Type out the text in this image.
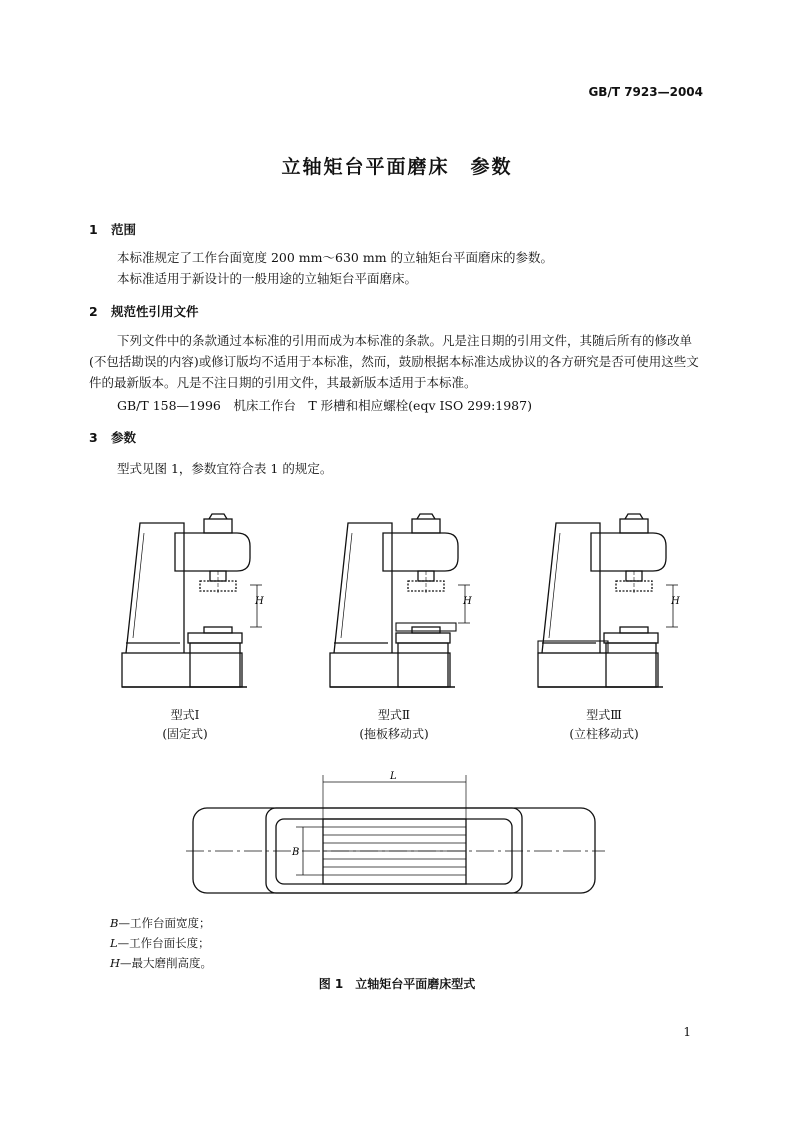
GB/T 7923—2004
立轴矩台平面磨床　参数
1 范围
本标准规定了工作台面宽度 200 mm～630 mm 的立轴矩台平面磨床的参数。
本标准适用于新设计的一般用途的立轴矩台平面磨床。
2 规范性引用文件
下列文件中的条款通过本标准的引用而成为本标准的条款。凡是注日期的引用文件，其随后所有的修改单(不包括勘误的内容)或修订版均不适用于本标准，然而，鼓励根据本标准达成协议的各方研究是否可使用这些文件的最新版本。凡是不注日期的引用文件，其最新版本适用于本标准。
GB/T 158—1996　机床工作台　T 形槽和相应螺栓(eqv ISO 299:1987)
3 参数
型式见图 1，参数宜符合表 1 的规定。
H	H	H
L
B
型式Ⅰ
(固定式)
型式Ⅱ
(拖板移动式)
型式Ⅲ
(立柱移动式)
B—工作台面宽度；
L—工作台面长度；
H—最大磨削高度。
图 1　立轴矩台平面磨床型式
1
